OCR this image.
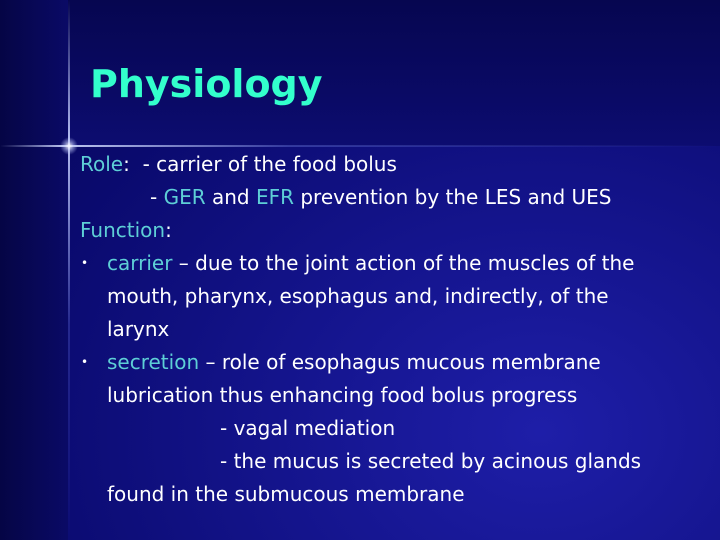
Physiology
Role:  - carrier of the food bolus
- GER and EFR prevention by the LES and UES
Function:
• carrier – due to the joint action of the muscles of the
mouth, pharynx, esophagus and, indirectly, of the
larynx
• secretion – role of esophagus mucous membrane
lubrication thus enhancing food bolus progress
- vagal mediation
- the mucus is secreted by acinous glands
found in the submucous membrane
